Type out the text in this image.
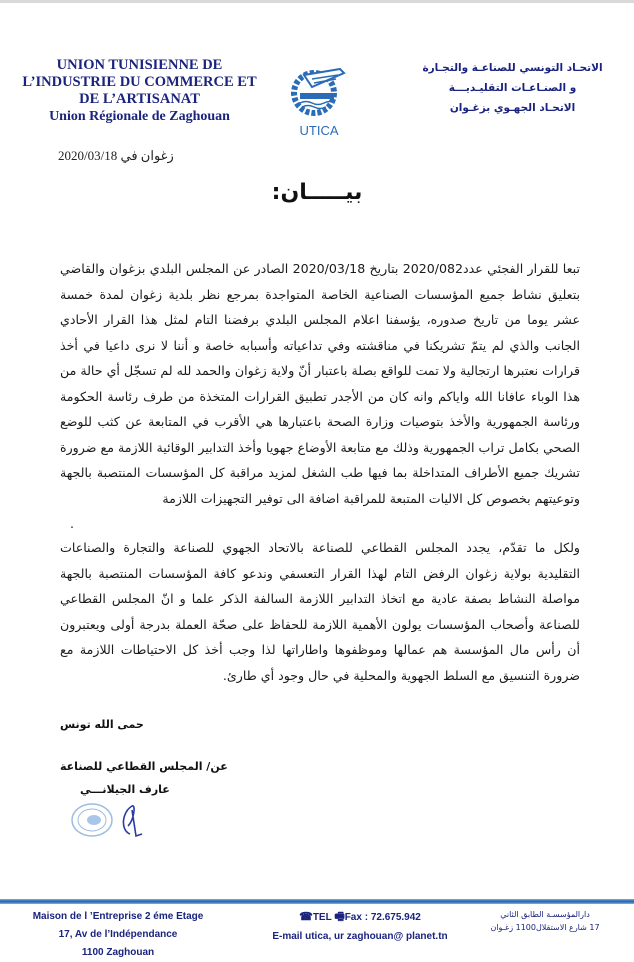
UNION TUNISIENNE DE
L’INDUSTRIE DU COMMERCE ET
DE L’ARTISANAT
Union Régionale de Zaghouan
UTICA
الاتحـاد التونسي للصناعـة والتجـارة
و الصنـاعـات التقليـديـــة
الاتحـاد الجهـوي بزغـوان
زغوان في 2020/03/18
بيـــــان:

تبعا للقرار الفجئي عدد2020/082 بتاريخ 2020/03/18 الصادر عن المجلس البلدي بزغوان والقاضي بتعليق نشاط جميع المؤسسات الصناعية الخاصة المتواجدة بمرجع نظر بلدية زغوان لمدة خمسة عشر يوما من تاريخ صدوره، يؤسفنا اعلام المجلس البلدي برفضنا التام لمثل هذا القرار الأحادي الجانب والذي لم يتمّ تشريكنا في مناقشته وفي تداعياته وأسبابه خاصة و أننا لا نرى داعيا في أخذ قرارات نعتبرها ارتجالية ولا تمت للواقع بصلة باعتبار أنّ ولاية زغوان والحمد لله لم تسجّل أي حالة من هذا الوباء عافانا الله واياكم وانه كان من الأجدر تطبيق القرارات المتخذة من طرف رئاسة الحكومة ورئاسة الجمهورية والأخذ بتوصيات وزارة الصحة باعتبارها هي الأقرب في المتابعة عن كثب للوضع الصحي بكامل تراب الجمهورية وذلك مع متابعة الأوضاع جهويا وأخذ التدابير الوقائية اللازمة مع ضرورة تشريك جميع الأطراف المتداخلة بما فيها طب الشغل لمزيد مراقبة كل المؤسسات المنتصبة بالجهة وتوعيتهم بخصوص كل الاليات المتبعة للمراقبة اضافة الى توفير التجهيزات اللازمة

.

ولكل ما تقدّم، يجدد المجلس القطاعي للصناعة بالاتحاد الجهوي للصناعة والتجارة والصناعات التقليدية بولاية زغوان الرفض التام لهذا القرار التعسفي وندعو كافة المؤسسات المنتصبة بالجهة مواصلة النشاط بصفة عادية مع اتخاذ التدابير اللازمة السالفة الذكر علما و انّ المجلس القطاعي للصناعة وأصحاب المؤسسات يولون الأهمية اللازمة للحفاظ على صحّة العملة بدرجة أولى ويعتبرون أن رأس مال المؤسسة هم عمالها وموظفوها واطاراتها لذا وجب أخذ كل الاحتياطات اللازمة مع ضرورة التنسيق مع السلط الجهوية والمحلية في حال وجود أي طارئ.

حمى الله تونس
عن/ المجلس القطاعي للصناعة
عارف الجيلانـــي
Maison de l ’Entreprise 2 éme Etage
17, Av de l’Indépendance
1100 Zaghouan
☎TEL 🖷Fax : 72.675.942
E-mail utica, ur zaghouan@ planet.tn
دارالمؤسسـة الطابق الثاني
17 شارع الاستقلال1100 زغـوان
